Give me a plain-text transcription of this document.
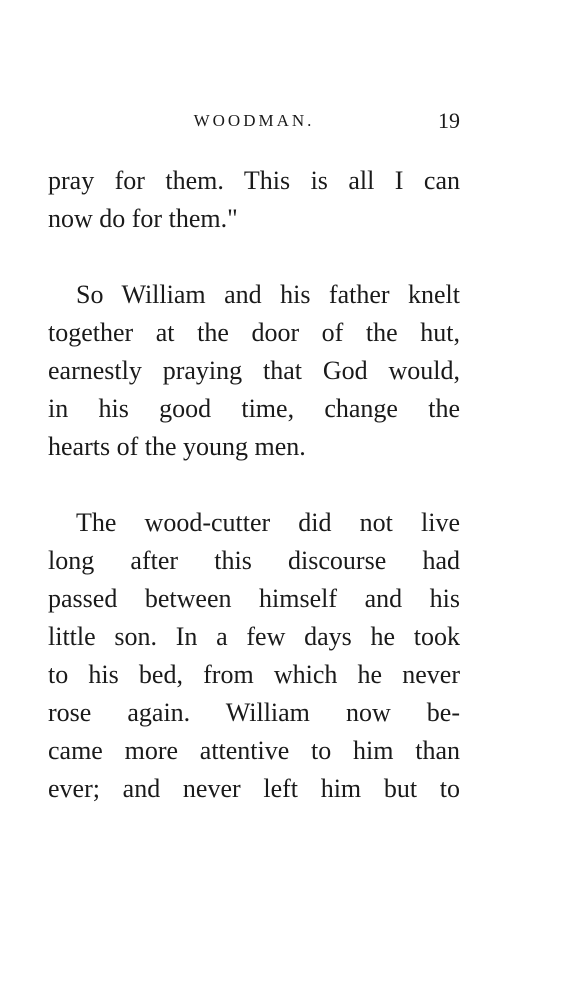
WOODMAN.	19
pray for them. This is all I can
now do for them."
So William and his father knelt
together at the door of the hut,
earnestly praying that God would,
in his good time, change the
hearts of the young men.
The wood-cutter did not live
long after this discourse had
passed between himself and his
little son. In a few days he took
to his bed, from which he never
rose again. William now be-
came more attentive to him than
ever; and never left him but to
